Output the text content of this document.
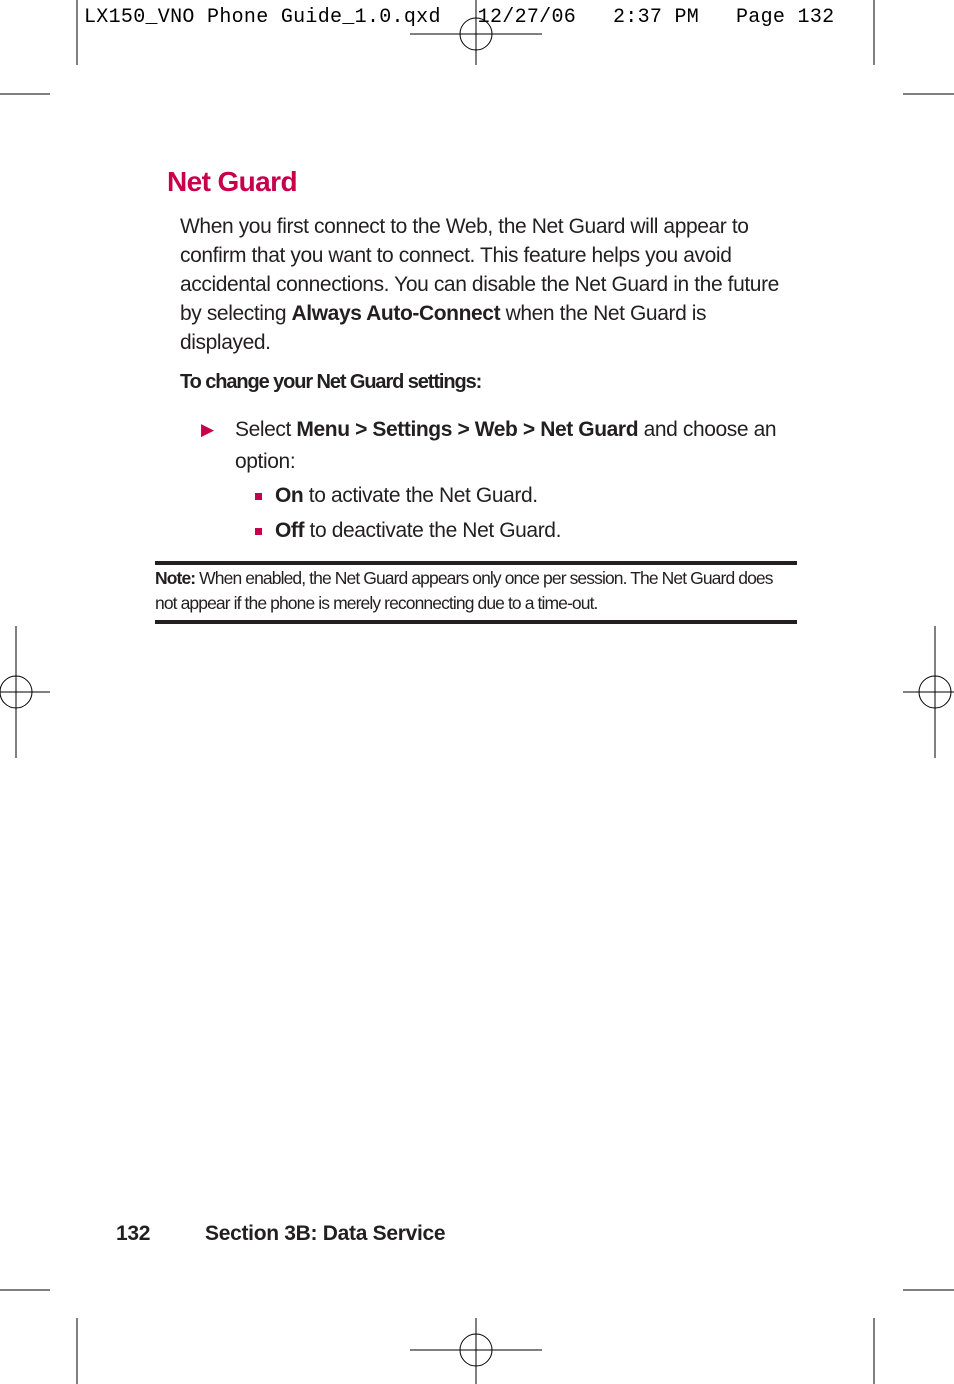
LX150_VNO Phone Guide_1.0.qxd   12/27/06   2:37 PM   Page 132
Net Guard

When you first connect to the Web, the Net Guard will appear to confirm that you want to connect. This feature helps you avoid accidental connections. You can disable the Net Guard in the future by selecting Always Auto-Connect when the Net Guard is displayed.

To change your Net Guard settings:

▶ Select Menu > Settings > Web > Net Guard and choose an option:

On to activate the Net Guard.

Off to deactivate the Net Guard.

Note: When enabled, the Net Guard appears only once per session. The Net Guard does not appear if the phone is merely reconnecting due to a time-out.

132	Section 3B: Data Service
